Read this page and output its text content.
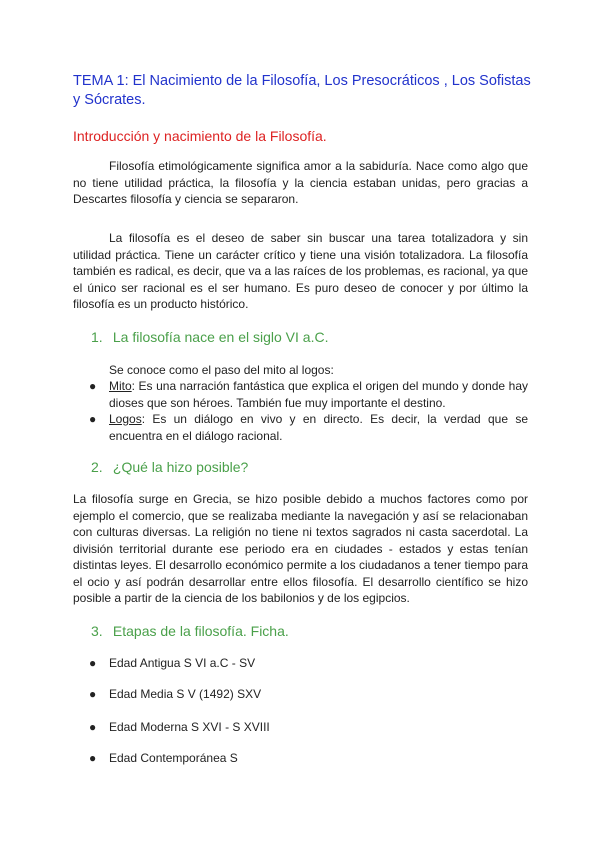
TEMA 1: El Nacimiento de la Filosofía, Los Presocráticos , Los Sofistas y Sócrates.
Introducción y nacimiento de la Filosofía.

Filosofía etimológicamente significa amor a la sabiduría. Nace como algo que no tiene utilidad práctica, la filosofía y la ciencia estaban unidas, pero gracias a Descartes filosofía y ciencia se separaron.

La filosofía es el deseo de saber sin buscar una tarea totalizadora y sin utilidad práctica. Tiene un carácter crítico y tiene una visión totalizadora. La filosofía también es radical, es decir, que va a las raíces de los problemas, es racional, ya que el único ser racional es el ser humano. Es puro deseo de conocer y por último la filosofía es un producto histórico.

1. La filosofía nace en el siglo VI a.C.
Se conoce como el paso del mito al logos:
● Mito: Es una narración fantástica que explica el origen del mundo y donde hay dioses que son héroes. También fue muy importante el destino.
● Logos: Es un diálogo en vivo y en directo. Es decir, la verdad que se encuentra en el diálogo racional.
2. ¿Qué la hizo posible?

La filosofía surge en Grecia, se hizo posible debido a muchos factores como por ejemplo el comercio, que se realizaba mediante la navegación y así se relacionaban con culturas diversas. La religión no tiene ni textos sagrados ni casta sacerdotal. La división territorial durante ese periodo era en ciudades - estados y estas tenían distintas leyes. El desarrollo económico permite a los ciudadanos a tener tiempo para el ocio y así podrán desarrollar entre ellos filosofía. El desarrollo científico se hizo posible a partir de la ciencia de los babilonios y de los egipcios.

3. Etapas de la filosofía. Ficha.
● Edad Antigua S VI a.C - SV
● Edad Media S V (1492) SXV
● Edad Moderna S XVI - S XVIII
● Edad Contemporánea S
